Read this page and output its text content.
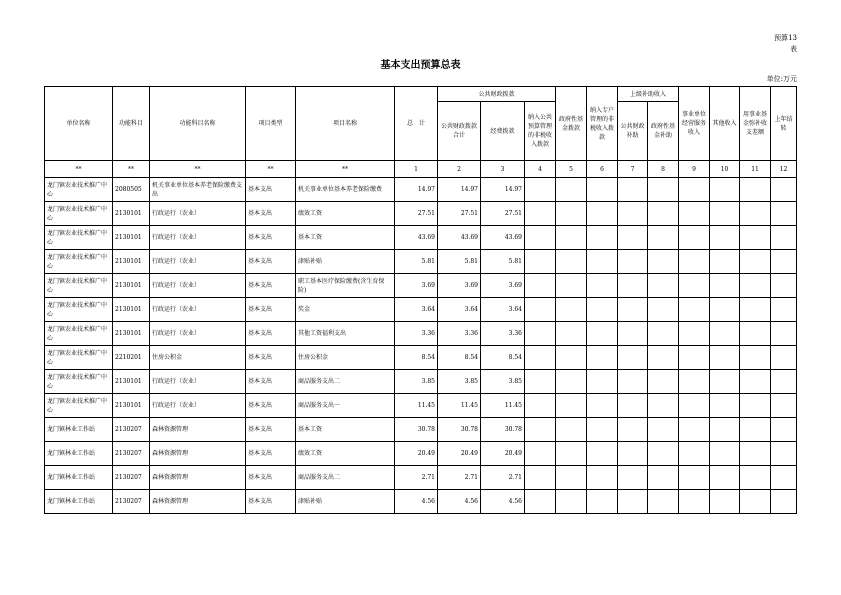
预算13
表
基本支出预算总表
单位:万元
单位名称	功能科目	功能科目名称	项目类型	项目名称	总　计	公共财政拨款			政府性基金拨款	纳入专户管理的非税收入拨款	上级补助收入		事业单位经营服务收入	其他收入	用事业基金弥补收支差额	上年结转
						公共财政拨款合计	经费拨款	纳入公共预算管理的非税收入拨款			公共财政补助	政府性基金补助				
**	**	**	**	**	1	2	3	4	5	6	7	8	9	10	11	12
龙门镇农业技术推广中心	2080505	机关事业单位基本养老保险缴费支出	基本支出	机关事业单位基本养老保险缴费	14.97	14.97	14.97									
龙门镇农业技术推广中心	2130101	行政运行（农业）	基本支出	绩效工资	27.51	27.51	27.51									
龙门镇农业技术推广中心	2130101	行政运行（农业）	基本支出	基本工资	43.69	43.69	43.69									
龙门镇农业技术推广中心	2130101	行政运行（农业）	基本支出	津贴补贴	5.81	5.81	5.81									
龙门镇农业技术推广中心	2130101	行政运行（农业）	基本支出	职工基本医疗保险缴费(含生育保险)	3.69	3.69	3.69									
龙门镇农业技术推广中心	2130101	行政运行（农业）	基本支出	奖金	3.64	3.64	3.64									
龙门镇农业技术推广中心	2130101	行政运行（农业）	基本支出	其他工资福利支出	3.36	3.36	3.36									
龙门镇农业技术推广中心	2210201	住房公积金	基本支出	住房公积金	8.54	8.54	8.54									
龙门镇农业技术推广中心	2130101	行政运行（农业）	基本支出	商品服务支出二	3.85	3.85	3.85									
龙门镇农业技术推广中心	2130101	行政运行（农业）	基本支出	商品服务支出一	11.45	11.45	11.45									
龙门镇林业工作站	2130207	森林资源管理	基本支出	基本工资	30.78	30.78	30.78									
龙门镇林业工作站	2130207	森林资源管理	基本支出	绩效工资	20.49	20.49	20.49									
龙门镇林业工作站	2130207	森林资源管理	基本支出	商品服务支出二	2.71	2.71	2.71									
龙门镇林业工作站	2130207	森林资源管理	基本支出	津贴补贴	4.56	4.56	4.56									
